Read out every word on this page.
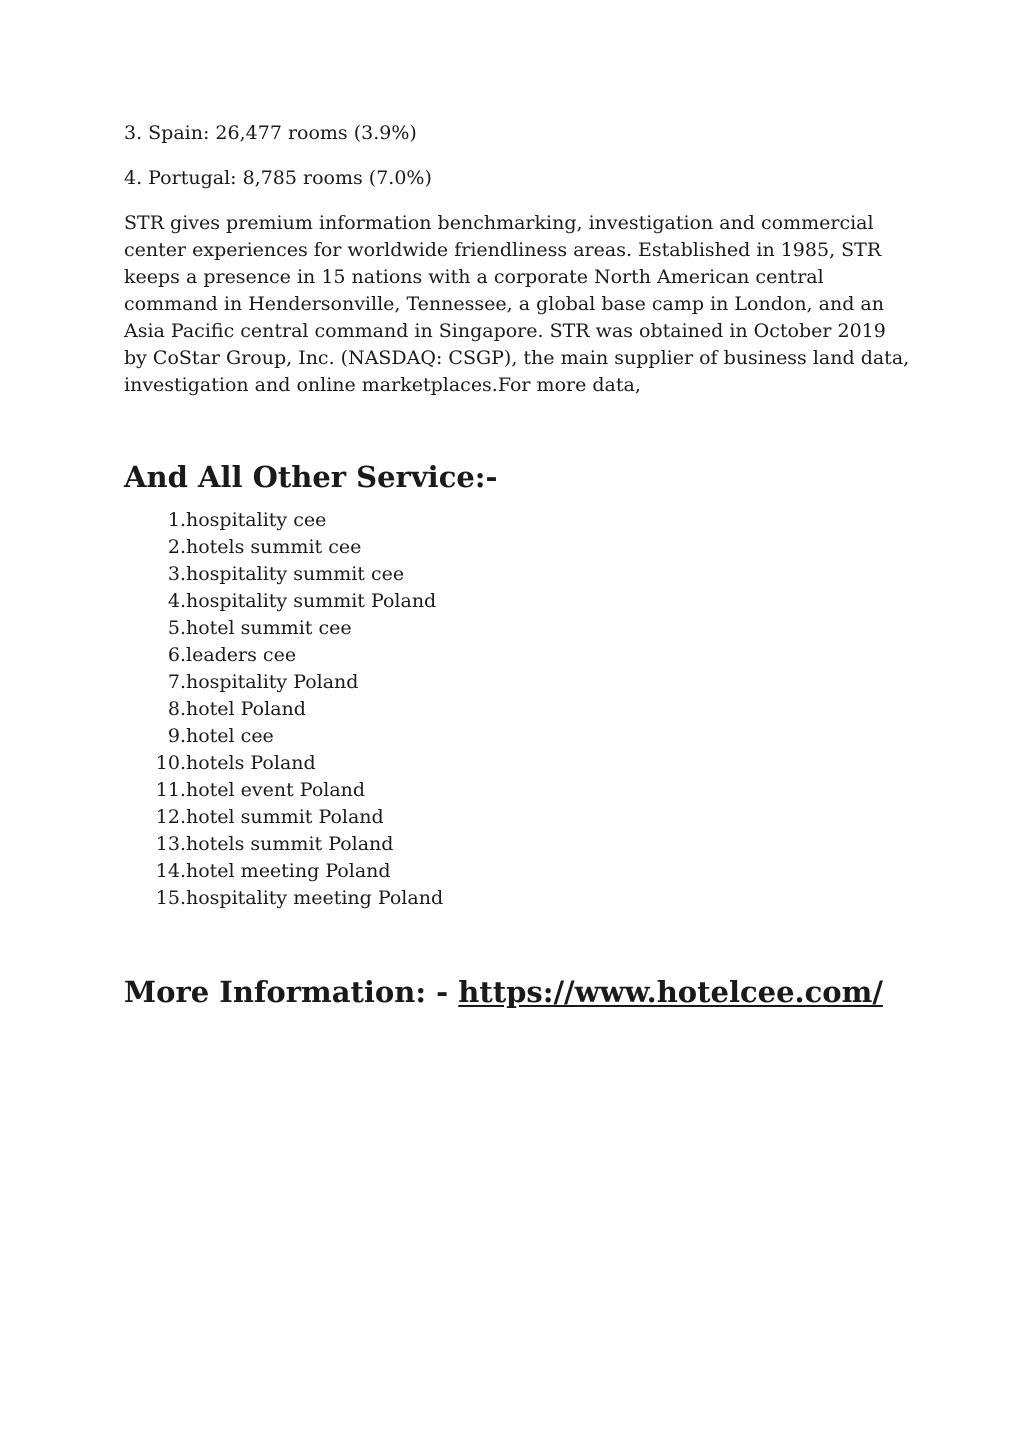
3. Spain: 26,477 rooms (3.9%)

4. Portugal: 8,785 rooms (7.0%)

STR gives premium information benchmarking, investigation and commercial center experiences for worldwide friendliness areas. Established in 1985, STR keeps a presence in 15 nations with a corporate North American central command in Hendersonville, Tennessee, a global base camp in London, and an Asia Pacific central command in Singapore. STR was obtained in October 2019 by CoStar Group, Inc. (NASDAQ: CSGP), the main supplier of business land data, investigation and online marketplaces.For more data,

And All Other Service:-
1. hospitality cee
2. hotels summit cee
3. hospitality summit cee
4. hospitality summit Poland
5. hotel summit cee
6. leaders cee
7. hospitality Poland
8. hotel Poland
9. hotel cee
10. hotels Poland
11. hotel event Poland
12. hotel summit Poland
13. hotels summit Poland
14. hotel meeting Poland
15. hospitality meeting Poland
More Information: - https://www.hotelcee.com/
